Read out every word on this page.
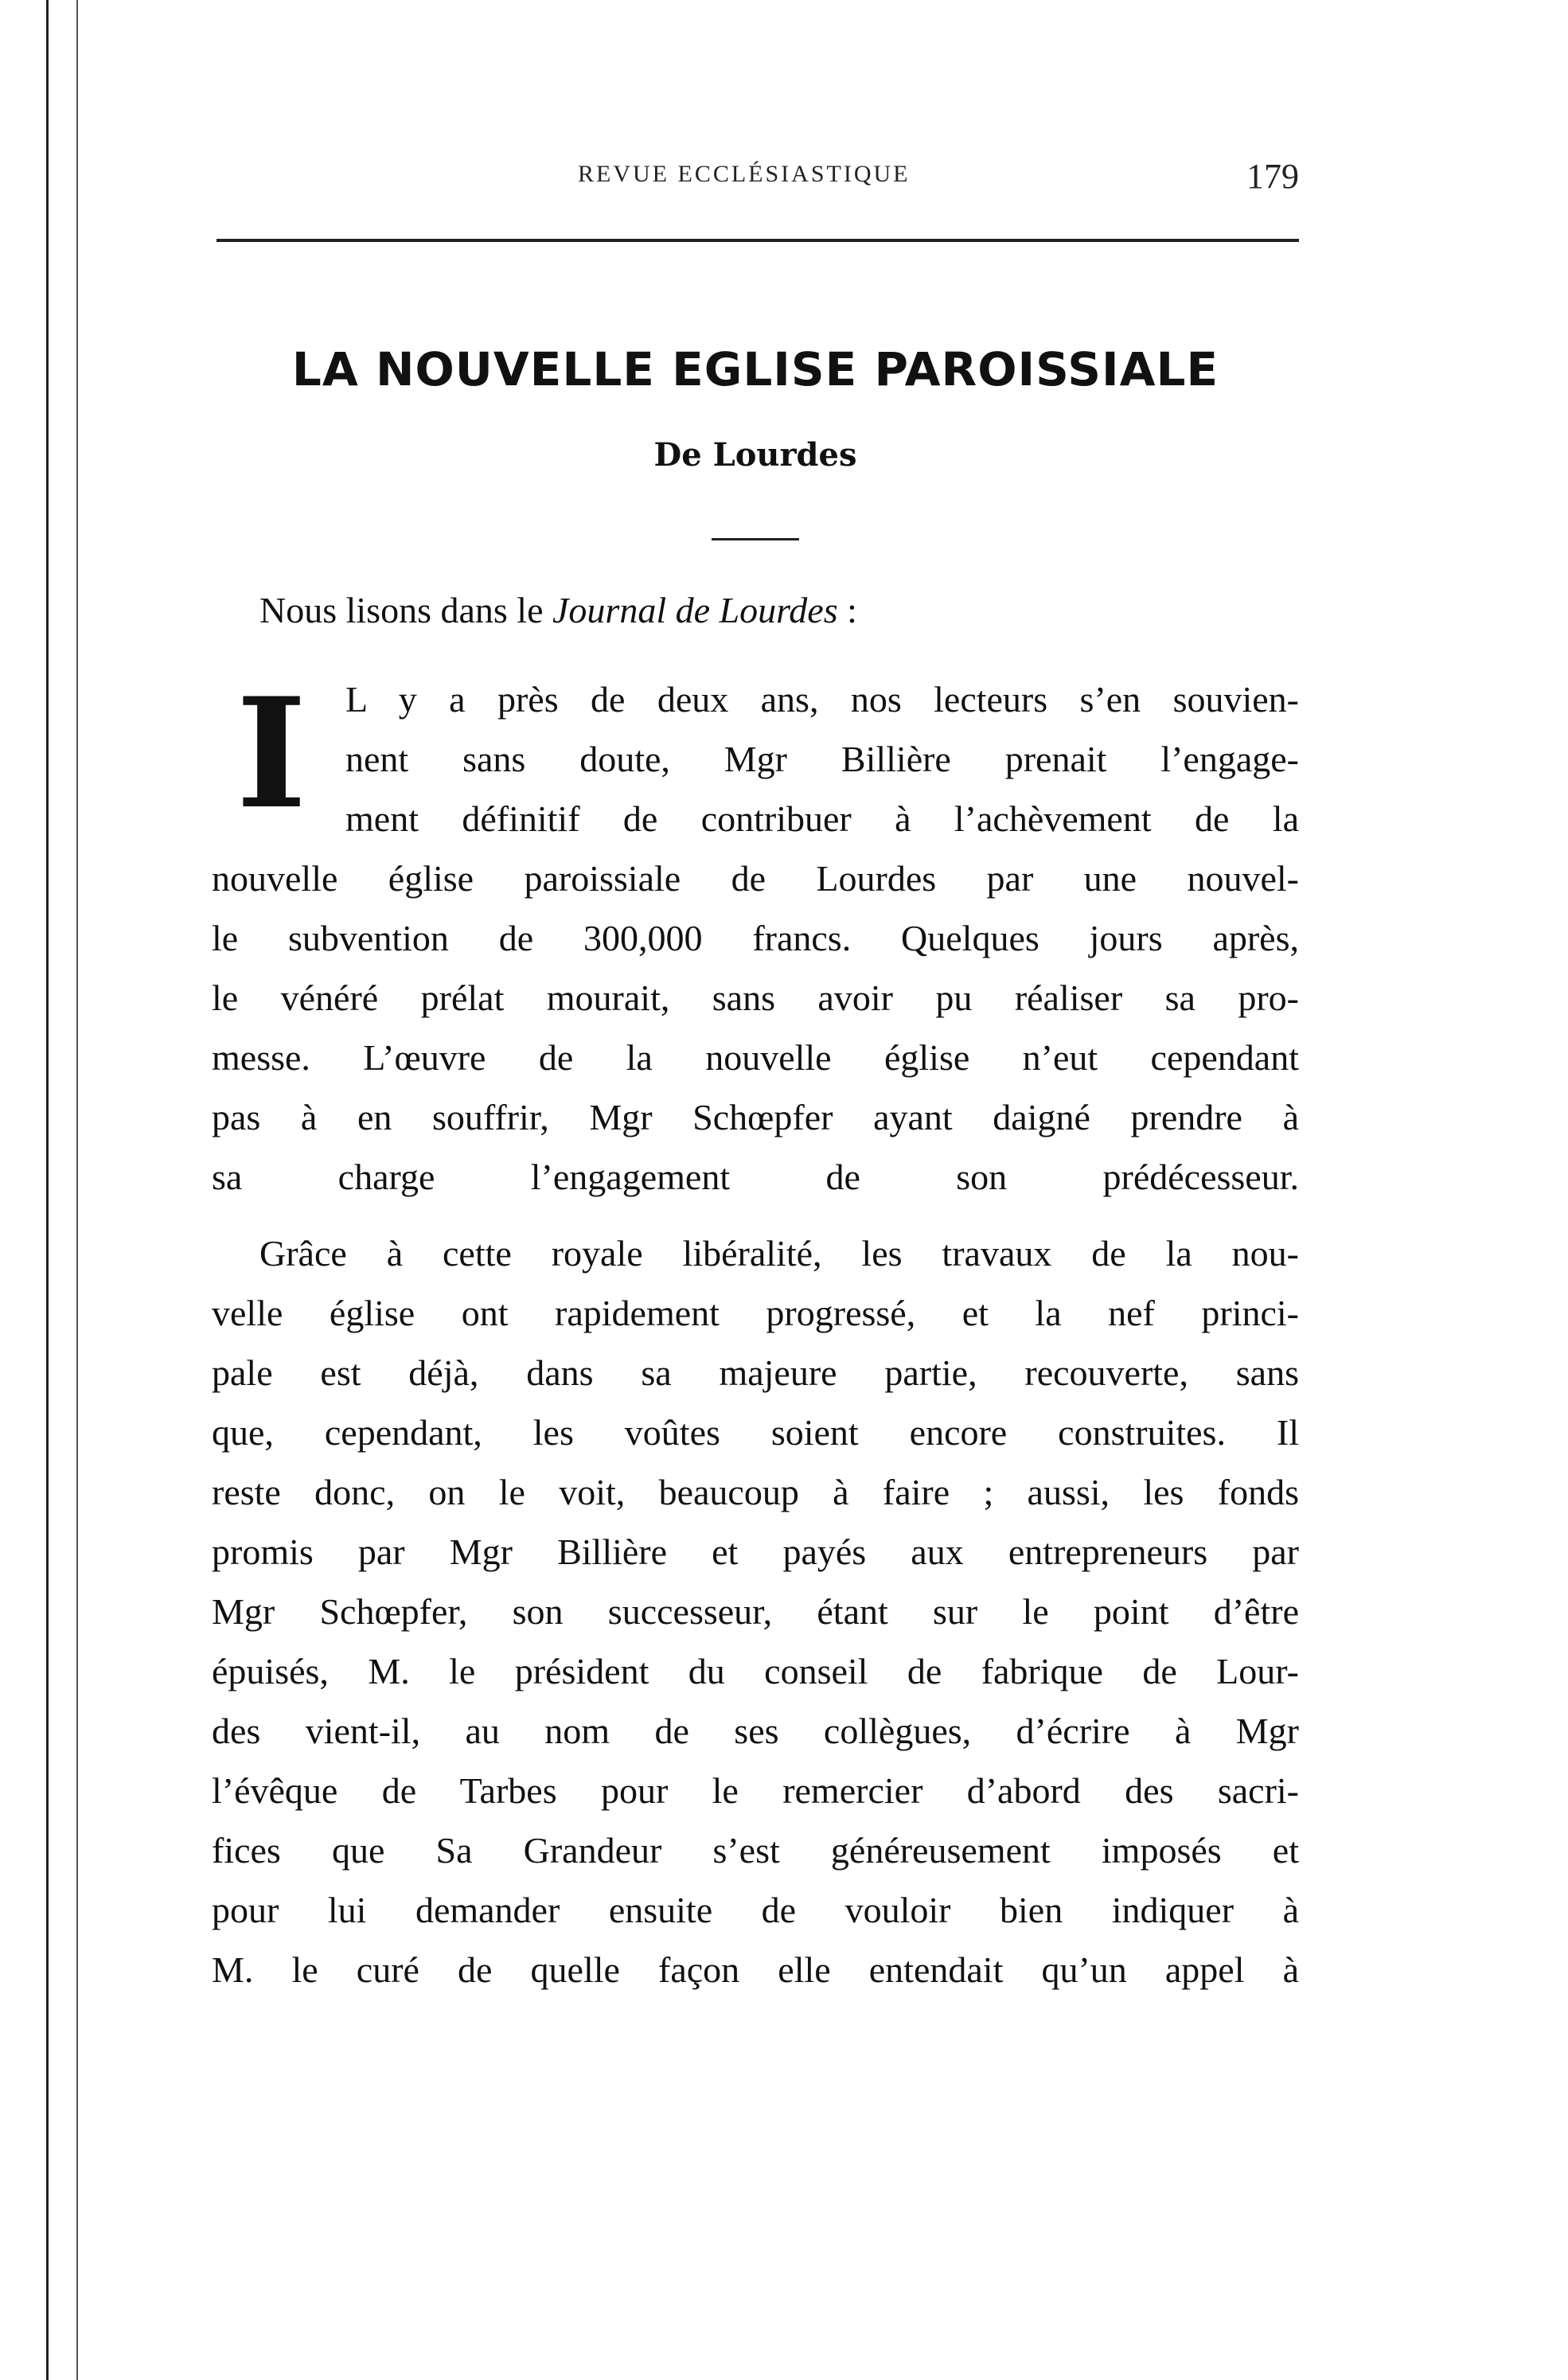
REVUE ECCLÉSIASTIQUE	179
LA NOUVELLE EGLISE PAROISSIALE
De Lourdes
Nous lisons dans le Journal de Lourdes :
I	L y a près de deux ans, nos lecteurs s’en souvien-
nent sans doute, Mgr Billière prenait l’engage-
ment définitif de contribuer à l’achèvement de la
nouvelle église paroissiale de Lourdes par une nouvel-
le subvention de 300,000 francs. Quelques jours après,
le vénéré prélat mourait, sans avoir pu réaliser sa pro-
messe. L’œuvre de la nouvelle église n’eut cependant
pas à en souffrir, Mgr Schœpfer ayant daigné prendre à
sa charge l’engagement de son prédécesseur.
Grâce à cette royale libéralité, les travaux de la nou-
velle église ont rapidement progressé, et la nef princi-
pale est déjà, dans sa majeure partie, recouverte, sans
que, cependant, les voûtes soient encore construites. Il
reste donc, on le voit, beaucoup à faire ; aussi, les fonds
promis par Mgr Billière et payés aux entrepreneurs par
Mgr Schœpfer, son successeur, étant sur le point d’être
épuisés, M. le président du conseil de fabrique de Lour-
des vient-il, au nom de ses collègues, d’écrire à Mgr
l’évêque de Tarbes pour le remercier d’abord des sacri-
fices que Sa Grandeur s’est généreusement imposés et
pour lui demander ensuite de vouloir bien indiquer à
M. le curé de quelle façon elle entendait qu’un appel à
